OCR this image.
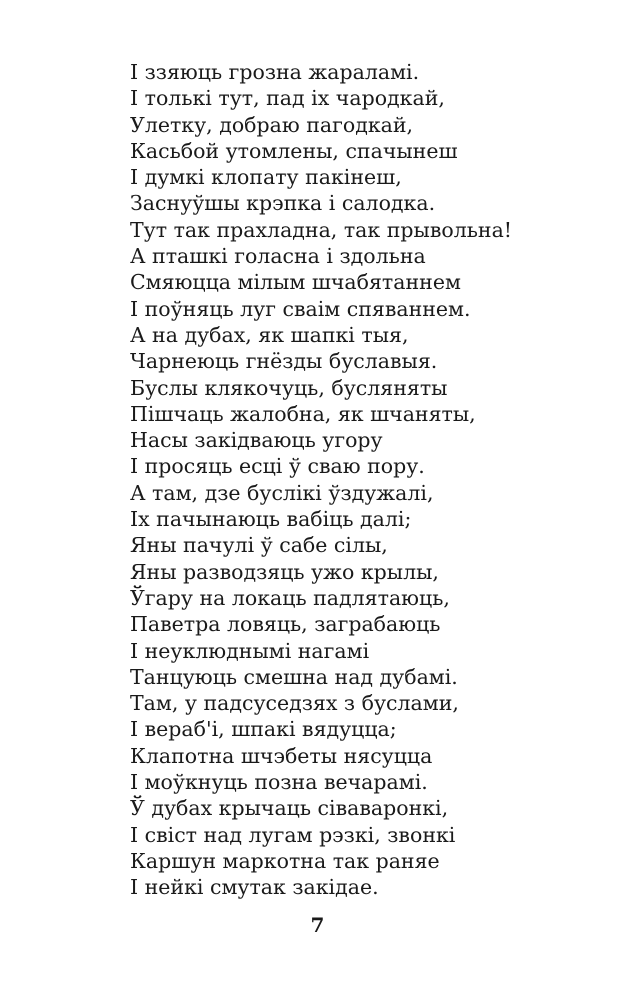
І ззяюць грозна жараламі.
І толькі тут, пад іх чародкай,
Улетку, добраю пагодкай,
Касьбой утомлены, спачынеш
І думкі клопату пакінеш,
Заснуўшы крэпка і салодка.
Тут так прахладна, так прывольна!
А пташкі голасна і здольна
Смяюцца мілым шчабятаннем
І поўняць луг сваім спяваннем.
А на дубах, як шапкі тыя,
Чарнеюць гнёзды буславыя.
Буслы клякочуць, бусляняты
Пішчаць жалобна, як шчаняты,
Насы закідваюць угору
І просяць есці ў сваю пору.
А там, дзе буслікі ўздужалі,
Іх пачынаюць вабіць далі;
Яны пачулі ў сабе сілы,
Яны разводзяць ужо крылы,
Ўгару на локаць падлятаюць,
Паветра ловяць, заграбаюць
І неуклюднымі нагамі
Танцуюць смешна над дубамі.
Там, у падсуседзях з буслами,
І вераб'і, шпакі вядуцца;
Клапотна шчэбеты нясуцца
І моўкнуць позна вечарамі.
Ў дубах крычаць сіваваронкі,
І свіст над лугам рэзкі, звонкі
Каршун маркотна так раняе
І нейкі смутак закідае.
7
